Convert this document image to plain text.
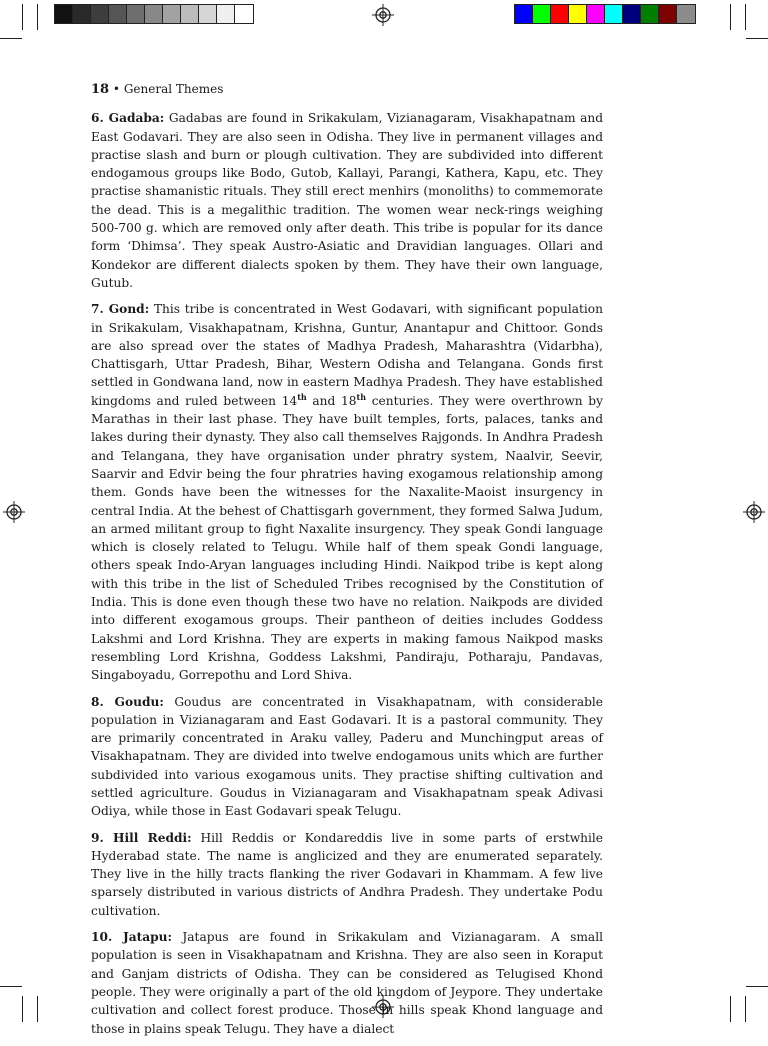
18 • General Themes

6. Gadaba: Gadabas are found in Srikakulam, Vizianagaram, Visakhapatnam and East Godavari. They are also seen in Odisha. They live in permanent villages and practise slash and burn or plough cultivation. They are subdivided into different endogamous groups like Bodo, Gutob, Kallayi, Parangi, Kathera, Kapu, etc. They practise shamanistic rituals. They still erect menhirs (monoliths) to commemorate the dead. This is a megalithic tradition. The women wear neck-rings weighing 500-700 g. which are removed only after death. This tribe is popular for its dance form ‘Dhimsa’. They speak Austro-Asiatic and Dravidian languages. Ollari and Kondekor are different dialects spoken by them. They have their own language, Gutub.

7. Gond: This tribe is concentrated in West Godavari, with significant population in Srikakulam, Visakhapatnam, Krishna, Guntur, Anantapur and Chittoor. Gonds are also spread over the states of Madhya Pradesh, Maharashtra (Vidarbha), Chattisgarh, Uttar Pradesh, Bihar, Western Odisha and Telangana. Gonds first settled in Gondwana land, now in eastern Madhya Pradesh. They have established kingdoms and ruled between 14th and 18th centuries. They were overthrown by Marathas in their last phase. They have built temples, forts, palaces, tanks and lakes during their dynasty. They also call themselves Rajgonds. In Andhra Pradesh and Telangana, they have organisation under phratry system, Naalvir, Seevir, Saarvir and Edvir being the four phratries having exogamous relationship among them. Gonds have been the witnesses for the Naxalite-Maoist insurgency in central India. At the behest of Chattisgarh government, they formed Salwa Judum, an armed militant group to fight Naxalite insurgency. They speak Gondi language which is closely related to Telugu. While half of them speak Gondi language, others speak Indo-Aryan languages including Hindi. Naikpod tribe is kept along with this tribe in the list of Scheduled Tribes recognised by the Constitution of India. This is done even though these two have no relation. Naikpods are divided into different exogamous groups. Their pantheon of deities includes Goddess Lakshmi and Lord Krishna. They are experts in making famous Naikpod masks resembling Lord Krishna, Goddess Lakshmi, Pandiraju, Potharaju, Pandavas, Singaboyadu, Gorrepothu and Lord Shiva.

8. Goudu: Goudus are concentrated in Visakhapatnam, with considerable population in Vizianagaram and East Godavari. It is a pastoral community. They are primarily concentrated in Araku valley, Paderu and Munchingput areas of Visakhapatnam. They are divided into twelve endogamous units which are further subdivided into various exogamous units. They practise shifting cultivation and settled agriculture. Goudus in Vizianagaram and Visakhapatnam speak Adivasi Odiya, while those in East Godavari speak Telugu.

9. Hill Reddi: Hill Reddis or Kondareddis live in some parts of erstwhile Hyderabad state. The name is anglicized and they are enumerated separately. They live in the hilly tracts flanking the river Godavari in Khammam. A few live sparsely distributed in various districts of Andhra Pradesh. They undertake Podu cultivation.

10. Jatapu: Jatapus are found in Srikakulam and Vizianagaram. A small population is seen in Visakhapatnam and Krishna. They are also seen in Koraput and Ganjam districts of Odisha. They can be considered as Telugised Khond people. They were originally a part of the old kingdom of Jeypore. They undertake cultivation and collect forest produce. Those in hills speak Khond language and those in plains speak Telugu. They have a dialect
